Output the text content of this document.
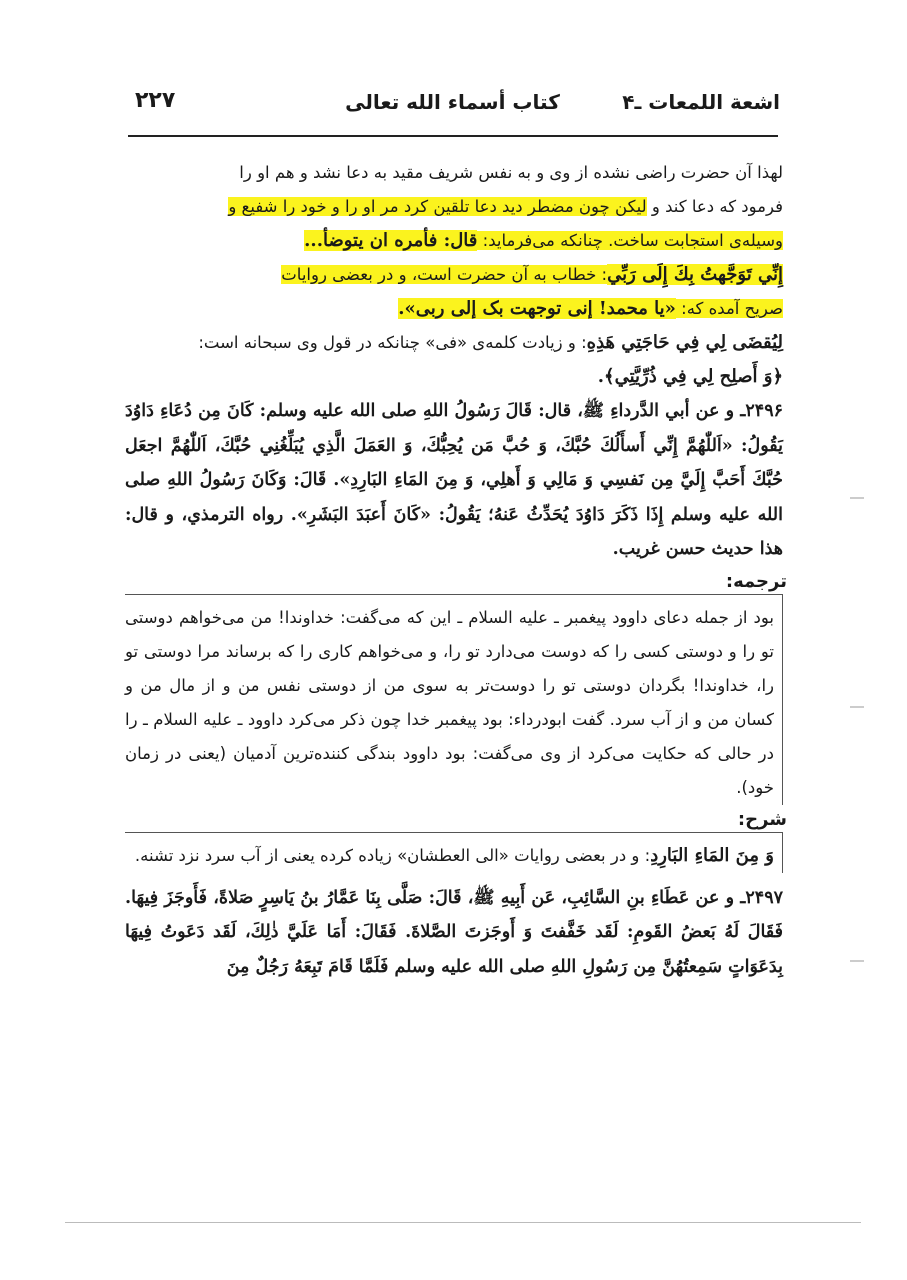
اشعة اللمعات ـ۴
كتاب أسماء الله تعالى
۲۲۷

لهذا آن حضرت راضی نشده از وی و به نفس شریف مقید به دعا نشد و هم او را
فرمود که دعا کند و لیکن چون مضطر دید دعا تلقین کرد مر او را و خود را شفیع و
وسیله‌ی استجابت ساخت. چنانکه می‌فرماید: قال: فأمره ان يتوضأ...
إِنِّي تَوَجَّهتُ بِكَ إِلَى رَبِّي: خطاب به آن حضرت است، و در بعضی روایات
صریح آمده که: «یا محمد! إنی توجهت بک إلی ربی».
لِيُقضَى لِي فِي حَاجَتِي هَذِهِ: و زیادت کلمه‌ی «فی» چنانکه در قول وی سبحانه است:
﴿وَ أَصلِح لِي فِي ذُرِّيَّتِي﴾.

۲۴۹۶ـ و عن أبي الدَّرداءِ ﷺ، قال: قَالَ رَسُولُ اللهِ صلى الله عليه وسلم: كَانَ مِن دُعَاءِ دَاوُدَ يَقُولُ: «اَللّٰهُمَّ إِنِّي أَسأَلُكَ حُبَّكَ، وَ حُبَّ مَن يُحِبُّكَ، وَ العَمَلَ الَّذِي يُبَلِّغُنِي حُبَّكَ، اَللّٰهُمَّ اجعَل حُبَّكَ أَحَبَّ إِلَيَّ مِن نَفسِي وَ مَالِي وَ أَهلِي، وَ مِنَ المَاءِ البَارِدِ». قَالَ: وَكَانَ رَسُولُ اللهِ صلى الله عليه وسلم إِذَا ذَكَرَ دَاوُدَ يُحَدِّثُ عَنهُ؛ يَقُولُ: «كَانَ أَعبَدَ البَشَرِ». رواه الترمذي، و قال: هذا حديث حسن غريب.

ترجمه:
بود از جمله دعای داوود پیغمبر ـ علیه السلام ـ این که می‌گفت: خداوندا! من می‌خواهم دوستی تو را و دوستی کسی را که دوست می‌دارد تو را، و می‌خواهم کاری را که برساند مرا دوستی تو را، خداوندا! بگردان دوستی تو را دوست‌تر به سوی من از دوستی نفس من و از مال من و کسان من و از آب سرد. گفت ابودرداء: بود پیغمبر خدا چون ذکر می‌کرد داوود ـ علیه السلام ـ را در حالی که حکایت می‌کرد از وی می‌گفت: بود داوود بندگی کننده‌ترین آدمیان (یعنی در زمان خود).
شرح:
وَ مِنَ المَاءِ البَارِدِ: و در بعضی روایات «الی العطشان» زیاده کرده یعنی از آب سرد نزد تشنه.

۲۴۹۷ـ و عن عَطَاءِ بنِ السَّائِبِ، عَن أَبِيهِ ﷺ، قَالَ: صَلَّى بِنَا عَمَّارُ بنُ يَاسِرٍ صَلاةً، فَأَوجَزَ فِيهَا. فَقَالَ لَهُ بَعضُ القَومِ: لَقَد خَفَّفتَ وَ أَوجَزتَ الصَّلاةَ. فَقَالَ: أَمَا عَلَيَّ ذٰلِكَ، لَقَد دَعَوتُ فِيهَا بِدَعَوَاتٍ سَمِعتُهُنَّ مِن رَسُولِ اللهِ صلى الله عليه وسلم فَلَمَّا قَامَ تَبِعَهُ رَجُلٌ مِنَ
